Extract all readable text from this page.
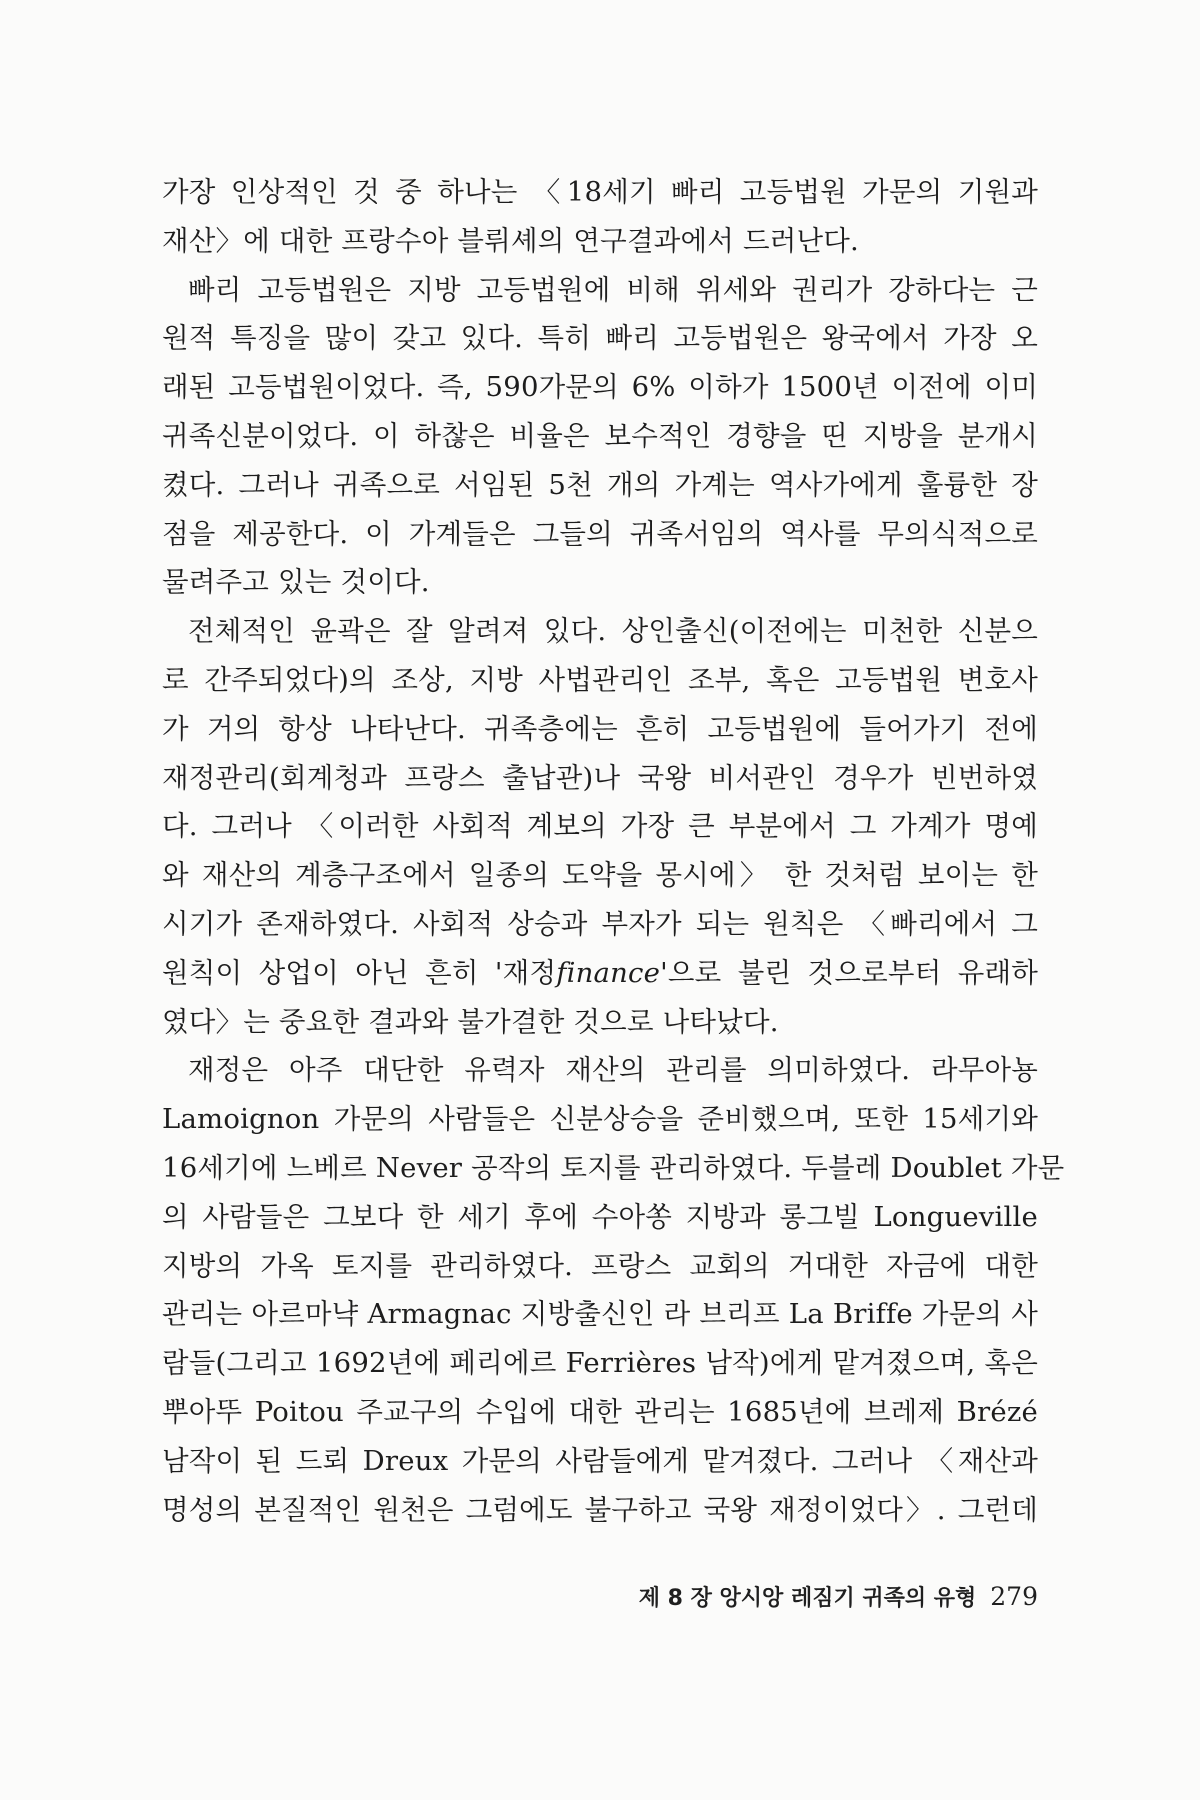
가장 인상적인 것 중 하나는 〈18세기 빠리 고등법원 가문의 기원과
재산〉에 대한 프랑수아 블뤼셰의 연구결과에서 드러난다.
빠리 고등법원은 지방 고등법원에 비해 위세와 권리가 강하다는 근
원적 특징을 많이 갖고 있다. 특히 빠리 고등법원은 왕국에서 가장 오
래된 고등법원이었다. 즉, 590가문의 6% 이하가 1500년 이전에 이미
귀족신분이었다. 이 하찮은 비율은 보수적인 경향을 띤 지방을 분개시
켰다. 그러나 귀족으로 서임된 5천 개의 가계는 역사가에게 훌륭한 장
점을 제공한다. 이 가계들은 그들의 귀족서임의 역사를 무의식적으로
물려주고 있는 것이다.
전체적인 윤곽은 잘 알려져 있다. 상인출신(이전에는 미천한 신분으
로 간주되었다)의 조상, 지방 사법관리인 조부, 혹은 고등법원 변호사
가 거의 항상 나타난다. 귀족층에는 흔히 고등법원에 들어가기 전에
재정관리(회계청과 프랑스 출납관)나 국왕 비서관인 경우가 빈번하였
다. 그러나 〈이러한 사회적 계보의 가장 큰 부분에서 그 가계가 명예
와 재산의 계층구조에서 일종의 도약을 몽시에〉 한 것처럼 보이는 한
시기가 존재하였다. 사회적 상승과 부자가 되는 원칙은 〈빠리에서 그
원칙이 상업이 아닌 흔히 '재정finance'으로 불린 것으로부터 유래하
였다〉는 중요한 결과와 불가결한 것으로 나타났다.
재정은 아주 대단한 유력자 재산의 관리를 의미하였다. 라무아뇽
Lamoignon 가문의 사람들은 신분상승을 준비했으며, 또한 15세기와
16세기에 느베르 Never 공작의 토지를 관리하였다. 두블레 Doublet 가문
의 사람들은 그보다 한 세기 후에 수아쏭 지방과 롱그빌 Longueville
지방의 가옥 토지를 관리하였다. 프랑스 교회의 거대한 자금에 대한
관리는 아르마냑 Armagnac 지방출신인 라 브리프 La Briffe 가문의 사
람들(그리고 1692년에 페리에르 Ferrières 남작)에게 맡겨졌으며, 혹은
뿌아뚜 Poitou 주교구의 수입에 대한 관리는 1685년에 브레제 Brézé
남작이 된 드뢰 Dreux 가문의 사람들에게 맡겨졌다. 그러나 〈재산과
명성의 본질적인 원천은 그럼에도 불구하고 국왕 재정이었다〉. 그런데
제 8 장 앙시앙 레짐기 귀족의 유형 279
